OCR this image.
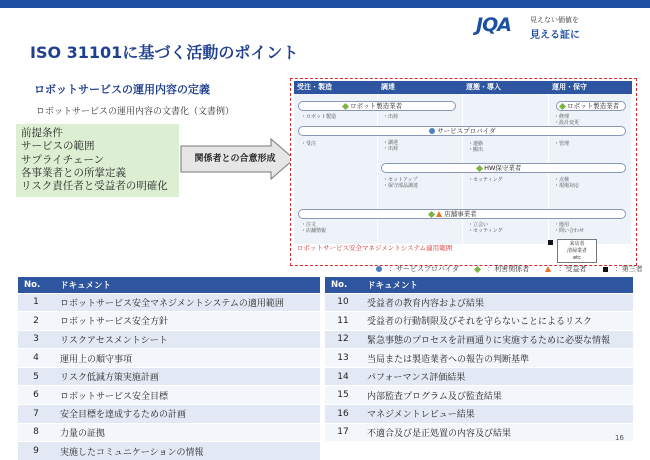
ISO 31101に基づく活動のポイント
JQA	見えない価値を
見える証に
ロボットサービスの運用内容の定義
ロボットサービスの運用内容の文書化（文書例）
前提条件
サービスの範囲
サプライチェーン
各事業者との所掌定義
リスク責任者と受益者の明確化
関係者との合意形成
受注・製造	調達	運搬・導入	運用・保守
ロボット製造業者	ロボット製造業者
・ロボット製造	・出荷	・修理
・設計変更
サービスプロバイダ
・受注	・調達
・出荷
・連絡
・搬出
・管理
HW保守業者
・セットアップ
・保守部品調達
・セッティング	・点検
・現場対応
店舗事業者
・注文
・店舗情報
・立会い
・セッティング
・運用
・問い合わせ
ロボットサービス安全マネジメントシステム適用範囲	来店者
清掃業者
etc
：サービスプロバイダ	：利害関係者	：受益者	：第三者
No.	ドキュメント
1	ロボットサービス安全マネジメントシステムの適用範囲
2	ロボットサービス安全方針
3	リスクアセスメントシート
4	運用上の順守事項
5	リスク低減方策実施計画
6	ロボットサービス安全目標
7	安全目標を達成するための計画
8	力量の証拠
9	実施したコミュニケーションの情報
No.	ドキュメント
10	受益者の教育内容および結果
11	受益者の行動制限及びそれを守らないことによるリスク
12	緊急事態のプロセスを計画通りに実施するために必要な情報
13	当局または製造業者への報告の判断基準
14	パフォーマンス評価結果
15	内部監査プログラム及び監査結果
16	マネジメントレビュー結果
17	不適合及び是正処置の内容及び結果	16
